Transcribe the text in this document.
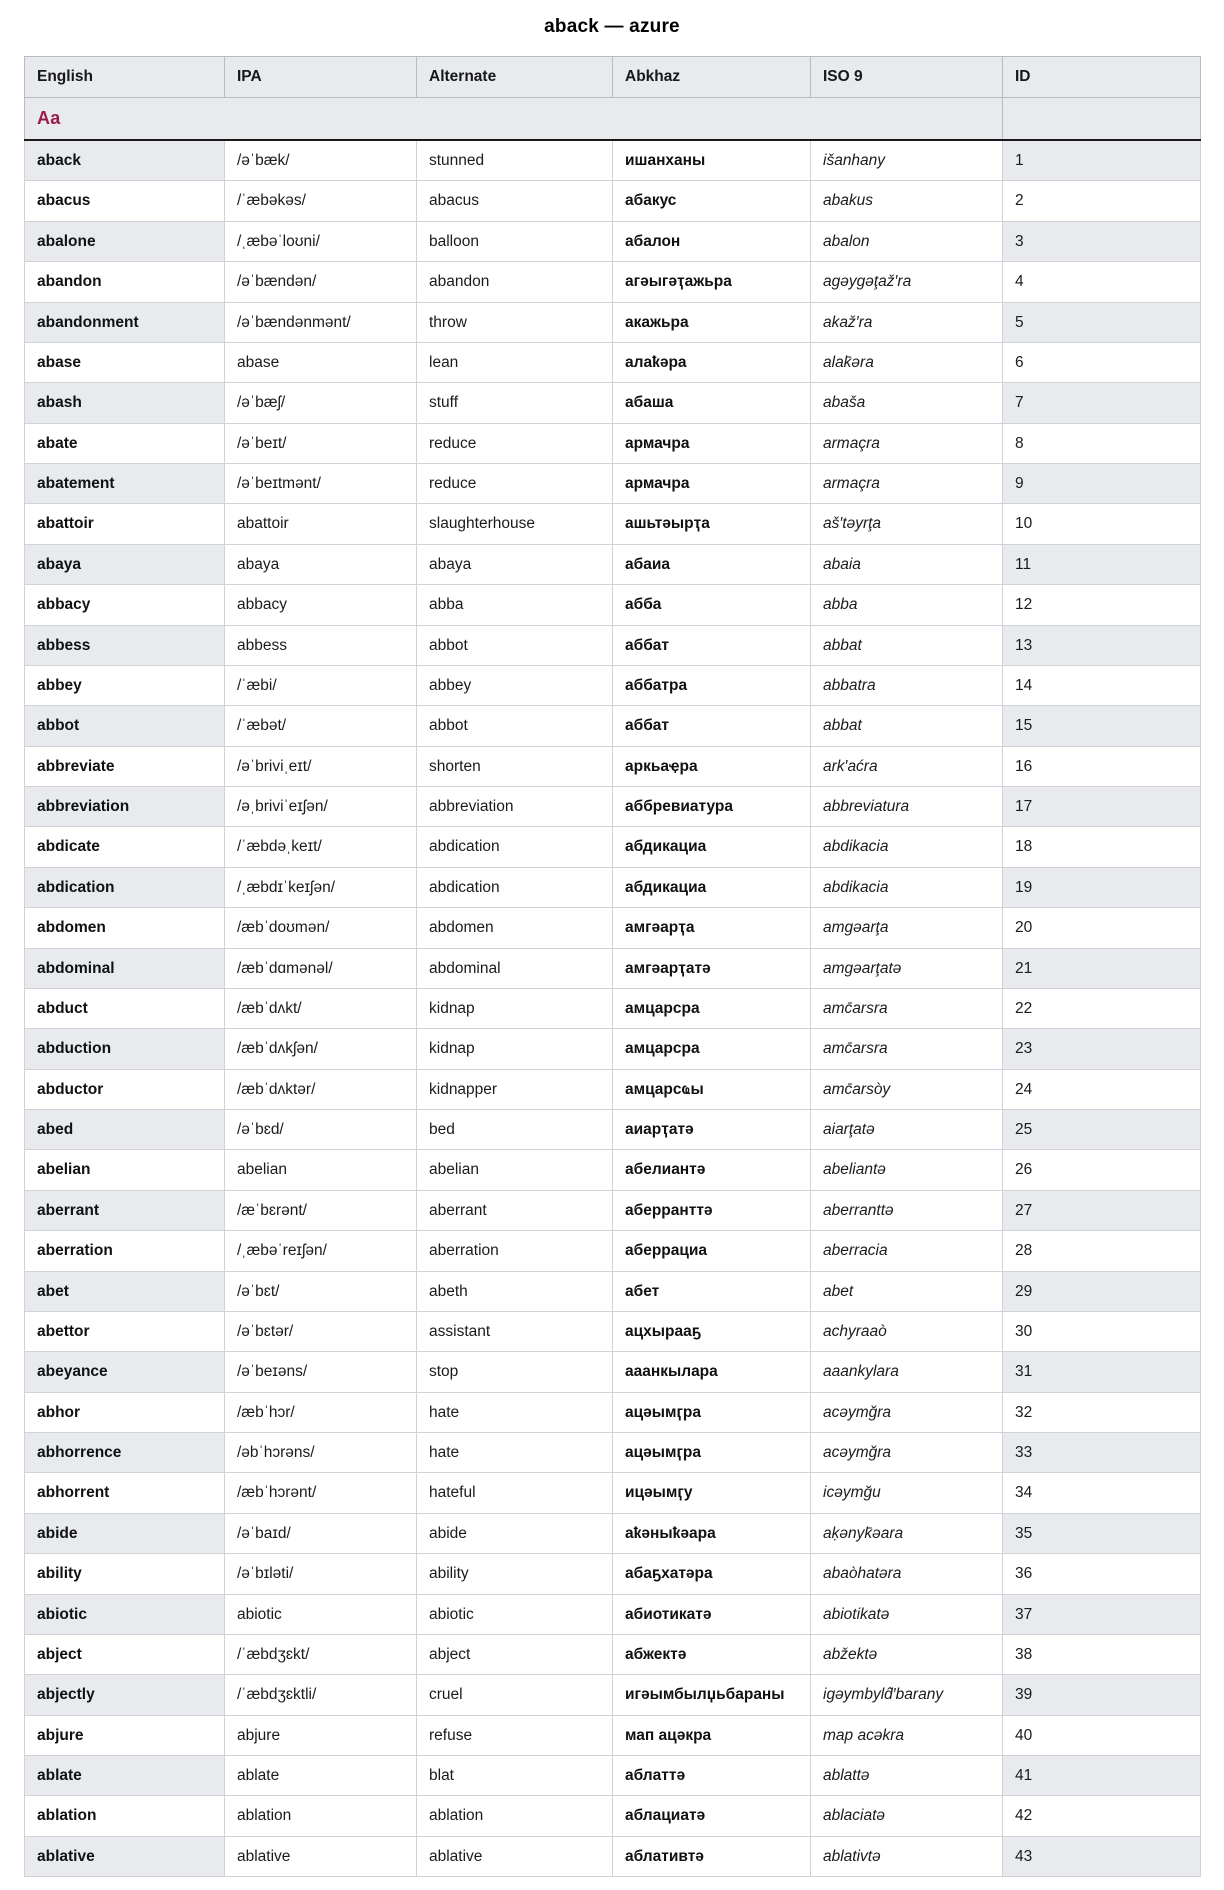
aback — azure
English	IPA	Alternate	Abkhaz	ISO 9	ID
Aa					
aback	/əˈbæk/	stunned	ишанханы	išanhany	1
abacus	/ˈæbəkəs/	abacus	абакус	abakus	2
abalone	/ˌæbəˈloʊni/	balloon	абалон	abalon	3
abandon	/əˈbændən/	abandon	агәыгәҭажьра	agəygəţaž′ra	4
abandonment	/əˈbændənmənt/	throw	акажьра	akaž′ra	5
abase	abase	lean	алаҟәра	alak̄əra	6
abash	/əˈbæʃ/	stuff	абаша	abaša	7
abate	/əˈbeɪt/	reduce	армачра	armaçra	8
abatement	/əˈbeɪtmənt/	reduce	армачра	armaçra	9
abattoir	abattoir	slaughterhouse	ашьтәырҭа	aš′təyrţa	10
abaya	abaya	abaya	абаиа	abaia	11
abbacy	abbacy	abba	абба	abba	12
abbess	abbess	abbot	аббат	abbat	13
abbey	/ˈæbi/	abbey	аббатра	abbatra	14
abbot	/ˈæbət/	abbot	аббат	abbat	15
abbreviate	/əˈbriviˌeɪt/	shorten	аркьаҿра	ark′aćra	16
abbreviation	/əˌbriviˈeɪʃən/	abbreviation	аббревиатура	abbreviatura	17
abdicate	/ˈæbdəˌkeɪt/	abdication	абдикациа	abdikacia	18
abdication	/ˌæbdɪˈkeɪʃən/	abdication	абдикациа	abdikacia	19
abdomen	/æbˈdoʊmən/	abdomen	амгәарҭа	amgəarţa	20
abdominal	/æbˈdɑmənəl/	abdominal	амгәарҭатә	amgəarţatə	21
abduct	/æbˈdʌkt/	kidnap	амцарсра	amc̄arsra	22
abduction	/æbˈdʌkʃən/	kidnap	амцарсра	amc̄arsra	23
abductor	/æbˈdʌktər/	kidnapper	амцарсҩы	amc̄arsòy	24
abed	/əˈbɛd/	bed	аиарҭатә	aiarţatə	25
abelian	abelian	abelian	абелиантә	abeliantə	26
aberrant	/æˈbɛrənt/	aberrant	аберранттә	aberranttə	27
aberration	/ˌæbəˈreɪʃən/	aberration	аберрациа	aberracia	28
abet	/əˈbɛt/	abeth	абет	abet	29
abettor	/əˈbɛtər/	assistant	ацхырааҕ	achyraaò	30
abeyance	/əˈbeɪəns/	stop	ааанкылара	aaankylara	31
abhor	/æbˈhɔr/	hate	ацәымӷра	acəymğra	32
abhorrence	/əbˈhɔrəns/	hate	ацәымӷра	acəymğra	33
abhorrent	/æbˈhɔrənt/	hateful	ицәымӷу	icəymğu	34
abide	/əˈbaɪd/	abide	аҟәныҟәара	aḳənyk̄əara	35
ability	/əˈbɪləti/	ability	абаҕхатәра	abaòhatəra	36
abiotic	abiotic	abiotic	абиотикатә	abiotikatə	37
abject	/ˈæbdʒɛkt/	abject	абжектә	abžektə	38
abjectly	/ˈæbdʒɛktli/	cruel	игәымбылџьбараны	igəymbyld̂′barany	39
abjure	abjure	refuse	мап ацәкра	map acəkra	40
ablate	ablate	blat	аблаттә	ablattə	41
ablation	ablation	ablation	аблациатә	ablaciatə	42
ablative	ablative	ablative	аблативтә	ablativtə	43
